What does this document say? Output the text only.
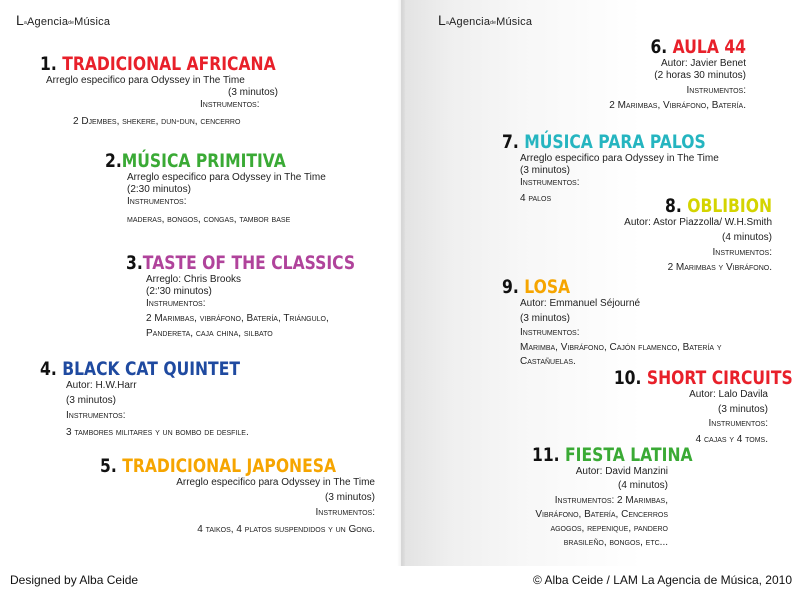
LaAgenciadeMúsica	LaAgenciadeMúsica
1. TRADICIONAL AFRICANA
Arreglo especifico para Odyssey in The Time
(3 minutos)
Instrumentos:
2 Djembes, shekere, dun-dun, cencerro
2.MÚSICA PRIMITIVA
Arreglo especifico para Odyssey in The Time
(2:30 minutos)
Instrumentos:
maderas, bongos, congas, tambor base
3.TASTE OF THE CLASSICS
Arreglo: Chris Brooks
(2:'30 minutos)
Instrumentos:
2 Marimbas, vibráfono, Batería, Triángulo,
Pandereta, caja china, silbato
4. BLACK CAT QUINTET
Autor: H.W.Harr
(3 minutos)
Instrumentos:
3 tambores militares y un bombo de desfile.
5. TRADICIONAL JAPONESA
Arreglo especifico para Odyssey in The Time
(3 minutos)
Instrumentos:
4 taikos, 4 platos suspendidos y un Gong.
6. AULA 44
Autor: Javier Benet
(2 horas 30 minutos)
Instrumentos:
2 Marimbas, Vibráfono, Batería.
7. MÚSICA PARA PALOS
Arreglo especifico para Odyssey in The Time
(3 minutos)
Instrumentos:
4 palos	8. OBLIBION
Autor: Astor Piazzolla/ W.H.Smith
(4 minutos)
Instrumentos:
2 Marimbas y Vibráfono.
9. LOSA
Autor: Emmanuel Séjourné
(3 minutos)
Instrumentos:
Marimba, Vibráfono, Cajón flamenco, Batería y
Castañuelas.
10. SHORT CIRCUITS
Autor: Lalo Davila
(3 minutos)
Instrumentos:
4 cajas y 4 toms.
11. FIESTA LATINA
Autor: David Manzini
(4 minutos)
Instrumentos: 2 Marimbas,
Vibráfono, Batería, Cencerros
agogos, repenique, pandero
brasileño, bongos, etc...
Designed by Alba Ceide	© Alba Ceide / LAM La Agencia de Música, 2010
